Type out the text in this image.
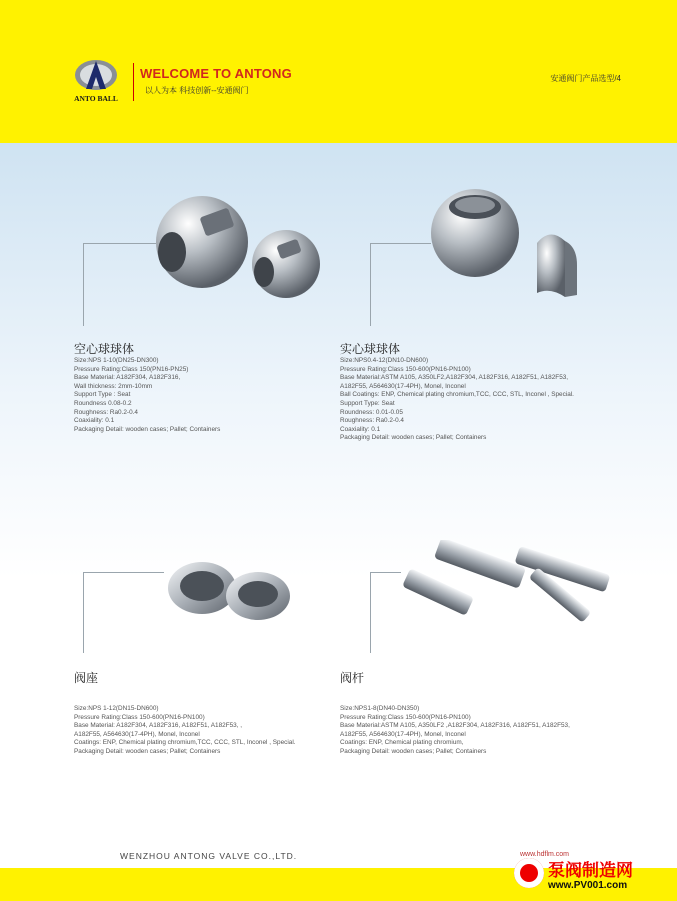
ANTO BALL
WELCOME TO ANTONG
以人为本 科技创新--安通阀门
安通阀门产品选型/4
空心球球体
Size:NPS 1-10(DN25-DN300)
Pressure Rating:Class 150(PN16-PN25)
Base Material: A182F304, A182F316,
Wall thickness: 2mm-10mm
Support Type : Seat
Roundness 0.08-0.2
Roughness: Ra0.2-0.4
Coaxiality: 0.1
Packaging Detail: wooden cases; Pallet; Containers
实心球球体
Size:NPS0.4-12(DN10-DN600)
Pressure Rating:Class 150-600(PN16-PN100)
Base Material:ASTM A105, A350LF2,A182F304, A182F316, A182F51, A182F53,
A182F55, A564630(17-4PH), Monel, Inconel
Ball Coatings: ENP, Chemical plating chromium,TCC, CCC, STL, Inconel , Special.
Support Type: Seat
Roundness: 0.01-0.05
Roughness: Ra0.2-0.4
Coaxiality: 0.1
Packaging Detail: wooden cases; Pallet; Containers
阀座
Size:NPS 1-12(DN15-DN600)
Pressure Rating:Class 150-600(PN16-PN100)
Base Material: A182F304, A182F316, A182F51, A182F53, ,
A182F55, A564630(17-4PH), Monel, Inconel
Coatings: ENP, Chemical plating chromium,TCC, CCC, STL, Inconel , Special.
Packaging Detail: wooden cases; Pallet; Containers
阀杆
Size:NPS1-8(DN40-DN350)
Pressure Rating:Class 150-600(PN16-PN100)
Base Material:ASTM A105, A350LF2 ,A182F304, A182F316, A182F51, A182F53,
A182F55, A564630(17-4PH), Monel, Inconel
Coatings: ENP, Chemical plating chromium,
Packaging Detail: wooden cases; Pallet; Containers
WENZHOU ANTONG VALVE CO.,LTD.	www.hdflm.com
泵阀制造网
www.PV001.com
